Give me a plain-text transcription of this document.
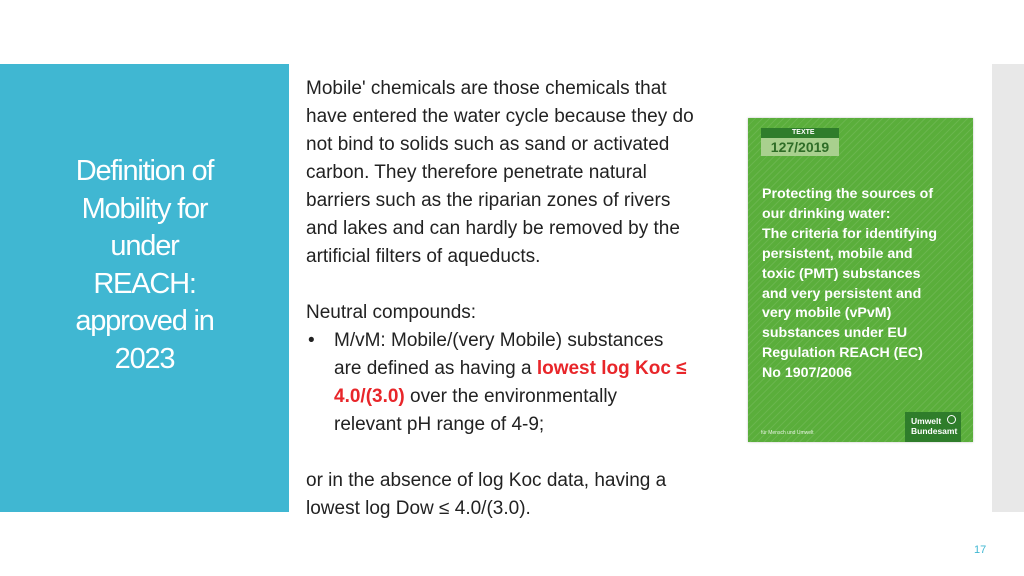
Definition of
Mobility for
under
REACH:
approved in
2023

Mobile' chemicals are those chemicals that

have entered the water cycle because they do

not bind to solids such as sand or activated

carbon. They therefore penetrate natural

barriers such as the riparian zones of rivers

and lakes and can hardly be removed by the

artificial filters of aqueducts.

Neutral compounds:

•	M/vM: Mobile/(very Mobile) substances

are defined as having a lowest log Koc ≤

4.0/(3.0) over the environmentally

relevant pH range of 4-9;

or in the absence of log Koc data, having a

lowest log Dow ≤ 4.0/(3.0).

TEXTE
127/2019
Protecting the sources of
our drinking water:
The criteria for identifying
persistent, mobile and
toxic (PMT) substances
and very persistent and
very mobile (vPvM)
substances under EU
Regulation REACH (EC)
No 1907/2006
für Mensch und Umwelt
Umwelt
Bundesamt
17
